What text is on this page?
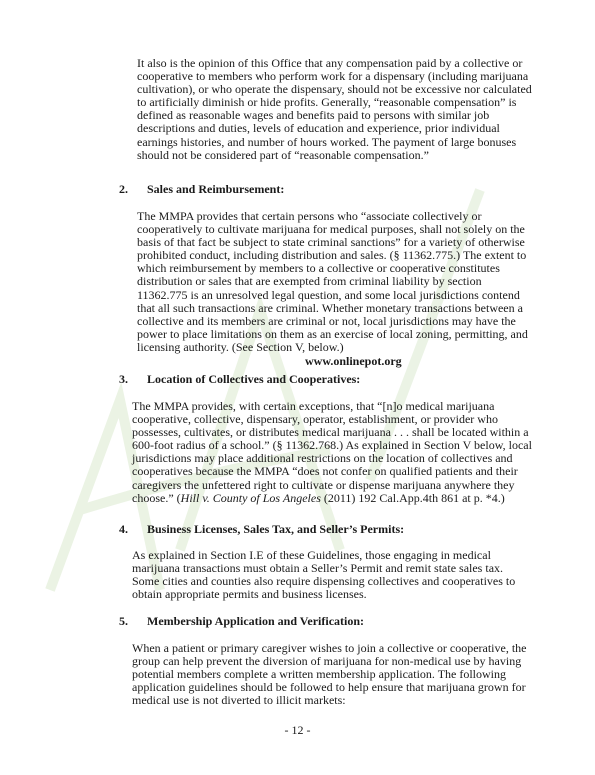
It also is the opinion of this Office that any compensation paid by a collective or cooperative to members who perform work for a dispensary (including marijuana cultivation), or who operate the dispensary, should not be excessive nor calculated to artificially diminish or hide profits. Generally, “reasonable compensation” is defined as reasonable wages and benefits paid to persons with similar job descriptions and duties, levels of education and experience, prior individual earnings histories, and number of hours worked. The payment of large bonuses should not be considered part of “reasonable compensation.”

2. Sales and Reimbursement:

The MMPA provides that certain persons who “associate collectively or cooperatively to cultivate marijuana for medical purposes, shall not solely on the basis of that fact be subject to state criminal sanctions” for a variety of otherwise prohibited conduct, including distribution and sales. (§ 11362.775.) The extent to which reimbursement by members to a collective or cooperative constitutes distribution or sales that are exempted from criminal liability by section 11362.775 is an unresolved legal question, and some local jurisdictions contend that all such transactions are criminal. Whether monetary transactions between a collective and its members are criminal or not, local jurisdictions may have the power to place limitations on them as an exercise of local zoning, permitting, and licensing authority. (See Section V, below.)

www.onlinepot.org

3. Location of Collectives and Cooperatives:

The MMPA provides, with certain exceptions, that “[n]o medical marijuana cooperative, collective, dispensary, operator, establishment, or provider who possesses, cultivates, or distributes medical marijuana . . . shall be located within a 600-foot radius of a school.” (§ 11362.768.) As explained in Section V below, local jurisdictions may place additional restrictions on the location of collectives and cooperatives because the MMPA “does not confer on qualified patients and their caregivers the unfettered right to cultivate or dispense marijuana anywhere they choose.” (Hill v. County of Los Angeles (2011) 192 Cal.App.4th 861 at p. *4.)

4. Business Licenses, Sales Tax, and Seller’s Permits:

As explained in Section I.E of these Guidelines, those engaging in medical marijuana transactions must obtain a Seller’s Permit and remit state sales tax. Some cities and counties also require dispensing collectives and cooperatives to obtain appropriate permits and business licenses.

5. Membership Application and Verification:

When a patient or primary caregiver wishes to join a collective or cooperative, the group can help prevent the diversion of marijuana for non-medical use by having potential members complete a written membership application. The following application guidelines should be followed to help ensure that marijuana grown for medical use is not diverted to illicit markets:

- 12 -
